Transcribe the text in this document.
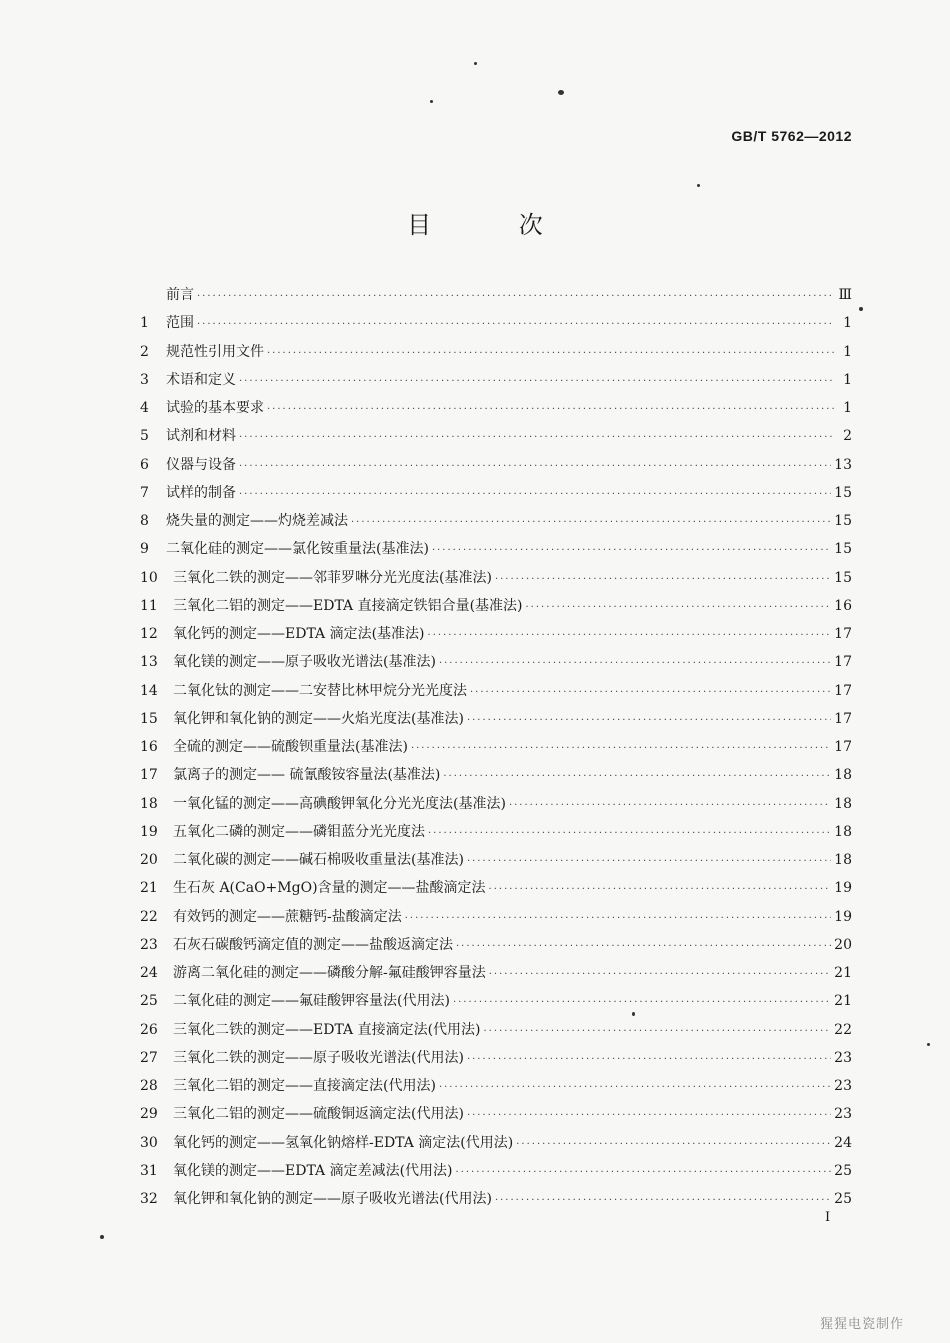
GB/T 5762—2012
目 次
前言 ·····	Ⅲ
1	范围 ·····	1
2	规范性引用文件 ·····	1
3	术语和定义 ·····	1
4	试验的基本要求 ·····	1
5	试剂和材料 ·····	2
6	仪器与设备 ·····	13
7	试样的制备 ·····	15
8	烧失量的测定——灼烧差减法 ·····	15
9	二氧化硅的测定——氯化铵重量法(基准法) ·····	15
10	三氧化二铁的测定——邻菲罗啉分光光度法(基准法) ·····	15
11	三氧化二铝的测定——EDTA 直接滴定铁铝合量(基准法) ·····	16
12	氧化钙的测定——EDTA 滴定法(基准法) ·····	17
13	氧化镁的测定——原子吸收光谱法(基准法) ·····	17
14	二氧化钛的测定——二安替比林甲烷分光光度法 ·····	17
15	氧化钾和氧化钠的测定——火焰光度法(基准法) ·····	17
16	全硫的测定——硫酸钡重量法(基准法) ·····	17
17	氯离子的测定—— 硫氰酸铵容量法(基准法) ·····	18
18	一氧化锰的测定——高碘酸钾氧化分光光度法(基准法) ·····	18
19	五氧化二磷的测定——磷钼蓝分光光度法 ·····	18
20	二氧化碳的测定——碱石棉吸收重量法(基准法) ·····	18
21	生石灰 A(CaO+MgO)含量的测定——盐酸滴定法 ·····	19
22	有效钙的测定——蔗糖钙-盐酸滴定法 ·····	19
23	石灰石碳酸钙滴定值的测定——盐酸返滴定法 ·····	20
24	游离二氧化硅的测定——磷酸分解-氟硅酸钾容量法 ·····	21
25	二氧化硅的测定——氟硅酸钾容量法(代用法) ·····	21
26	三氧化二铁的测定——EDTA 直接滴定法(代用法) ·····	22
27	三氧化二铁的测定——原子吸收光谱法(代用法) ·····	23
28	三氧化二铝的测定——直接滴定法(代用法) ·····	23
29	三氧化二铝的测定——硫酸铜返滴定法(代用法) ·····	23
30	氧化钙的测定——氢氧化钠熔样-EDTA 滴定法(代用法) ·····	24
31	氧化镁的测定——EDTA 滴定差减法(代用法) ·····	25
32	氧化钾和氧化钠的测定——原子吸收光谱法(代用法) ·····	25
I
猩猩电瓷制作
